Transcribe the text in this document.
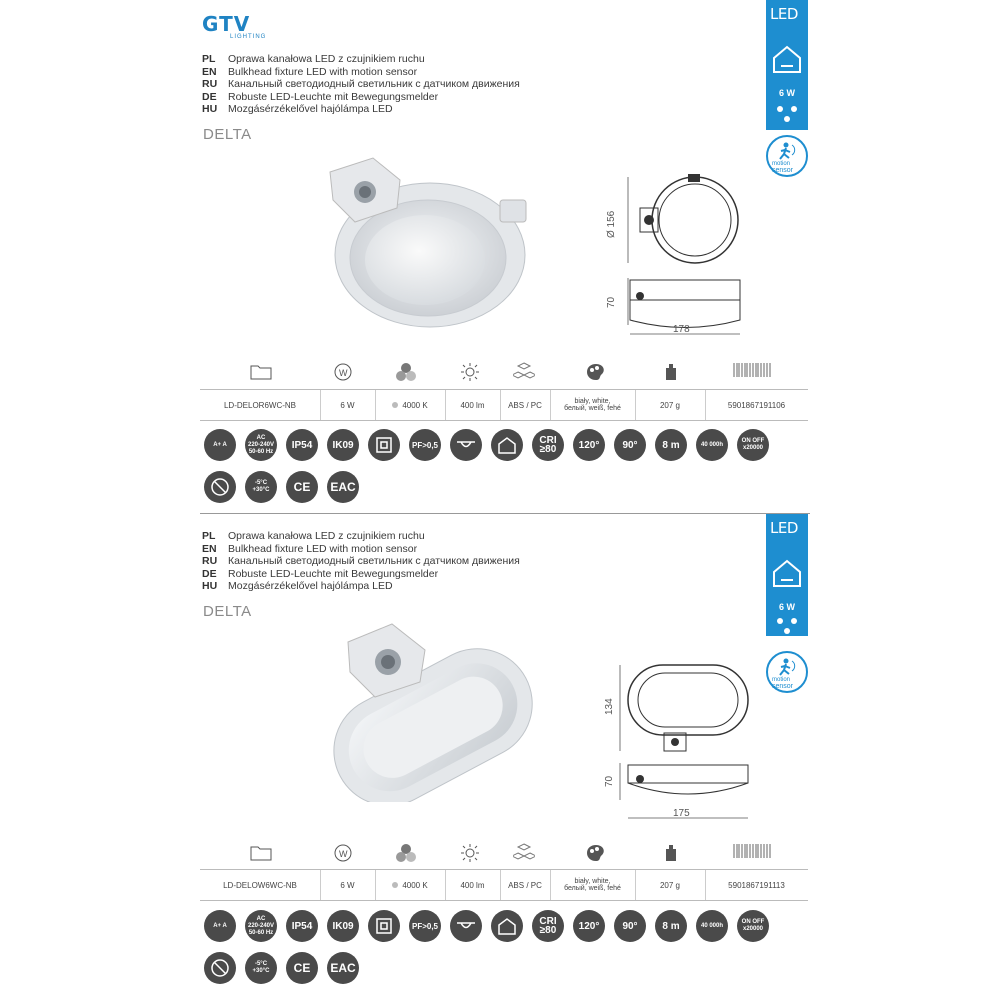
GTV
LIGHTING
PL Oprawa kanałowa LED z czujnikiem ruchu
EN Bulkhead fixture LED with motion sensor
RU Канальный светодиодный светильник с датчиком движения
DE Robuste LED-Leuchte mit Bewegungsmelder
HU Mozgásérzékelővel hajólámpa LED
DELTA
LED
6 W
motion
sensor
Ø 156
70
178
W
LD-DELOR6WC-NB	6 W	4000 K	400 lm	ABS / PC	biały, white,
белый, weiß, fehé	207 g	5901867191106
A+ A
AC
220-240V
50-60 Hz
IP54	IK09	PF>0,5	CRI
≥80	120°	90°	8 m	40 000h
ON OFF
x20000
-5°C
+30°C	CE	EAC
PL Oprawa kanałowa LED z czujnikiem ruchu
EN Bulkhead fixture LED with motion sensor
RU Канальный светодиодный светильник с датчиком движения
DE Robuste LED-Leuchte mit Bewegungsmelder
HU Mozgásérzékelővel hajólámpa LED
DELTA
LED
6 W
motion
sensor
134
70
175
W
LD-DELOW6WC-NB	6 W	4000 K	400 lm	ABS / PC	biały, white,
белый, weiß, fehé	207 g	5901867191113
A+ A
AC
220-240V
50-60 Hz
IP54	IK09	PF>0,5	CRI
≥80	120°	90°	8 m	40 000h
ON OFF
x20000
-5°C
+30°C	CE	EAC
